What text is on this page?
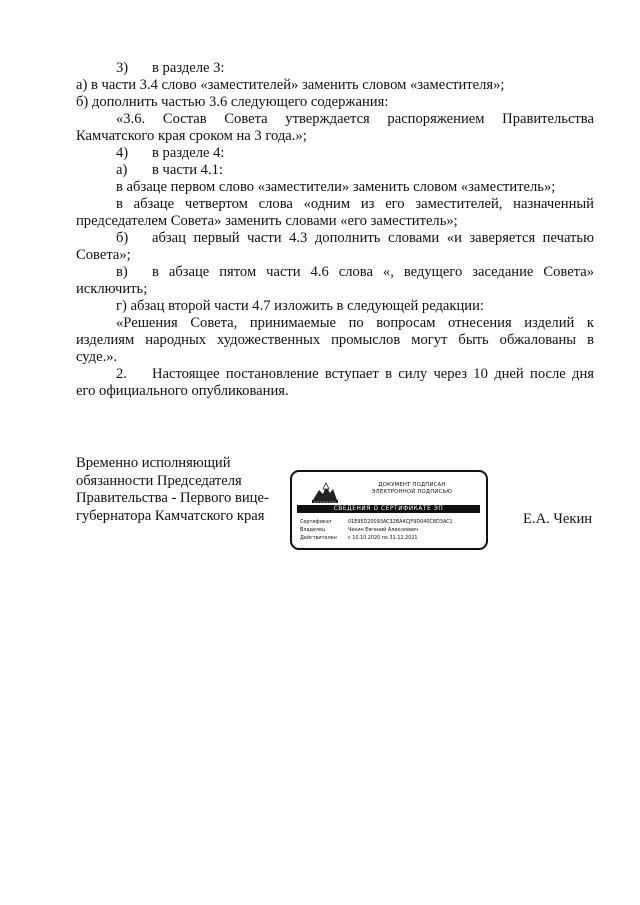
3) в разделе 3:
а) в части 3.4 слово «заместителей» заменить словом «заместителя»;
б) дополнить частью 3.6 следующего содержания:
«3.6. Состав Совета утверждается распоряжением Правительства
Камчатского края сроком на 3 года.»;
4) в разделе 4:
а) в части 4.1:
в абзаце первом слово «заместители» заменить словом «заместитель»;
в абзаце четвертом слова «одним из его заместителей, назначенный
председателем Совета» заменить словами «его заместитель»;
б) абзац первый части 4.3 дополнить словами «и заверяется печатью
Совета»;
в) в абзаце пятом части 4.6 слова «, ведущего заседание Совета»
исключить;
г) абзац второй части 4.7 изложить в следующей редакции:
«Решения Совета, принимаемые по вопросам отнесения изделий к
изделиям народных художественных промыслов могут быть обжалованы в
суде.».
2. Настоящее постановление вступает в силу через 10 дней после дня
его официального опубликования.
Временно исполняющий
обязанности Председателя
Правительства - Первого вице-
губернатора Камчатского края
ДОКУМЕНТ ПОДПИСАН
ЭЛЕКТРОННОЙ ПОДПИСЬЮ
СВЕДЕНИЯ О СЕРТИФИКАТЕ ЭП
Сертификат	01E95D20093AC32BA4CJF9D040C8D3AC1
Владелец	Чекин Евгений Алексеевич
Действителен с 10.10.2020 по 31.12.2021
Е.А. Чекин
